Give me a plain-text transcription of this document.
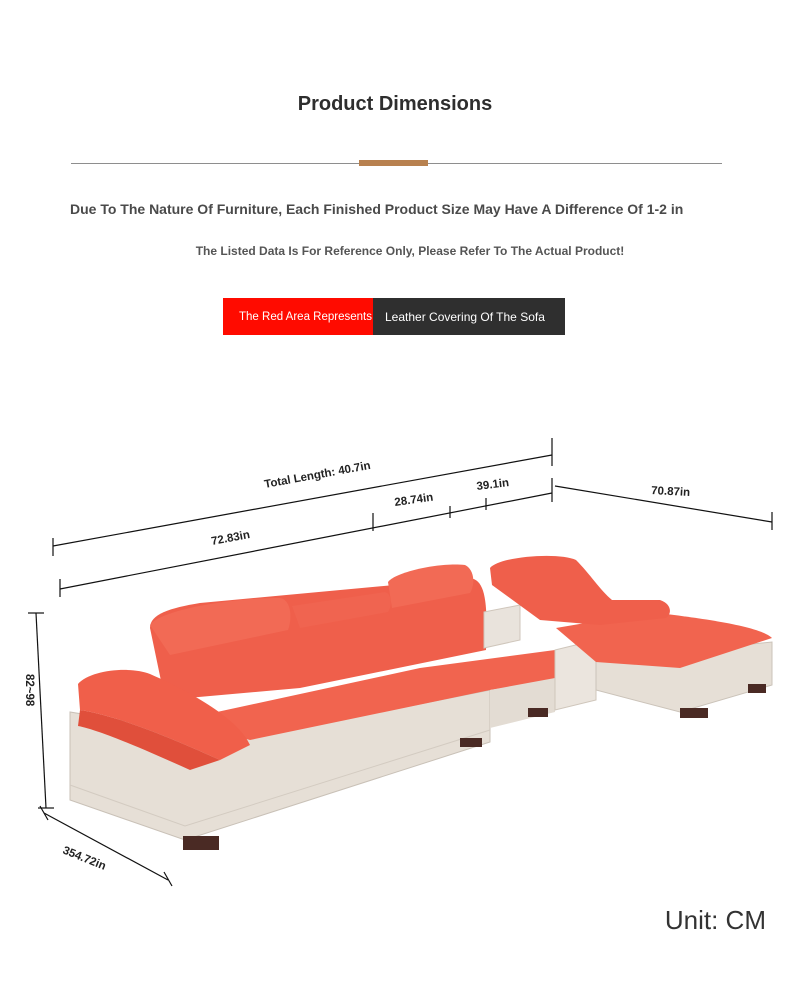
Product Dimensions
Due To The Nature Of Furniture, Each Finished Product Size May Have A Difference Of 1-2 in
The Listed Data Is For Reference Only, Please Refer To The Actual Product!
The Red Area Represents	Leather Covering Of The Sofa
Total Length: 40.7in
72.83in
28.74in
39.1in	70.87in
82~98
354.72in
Unit: CM
